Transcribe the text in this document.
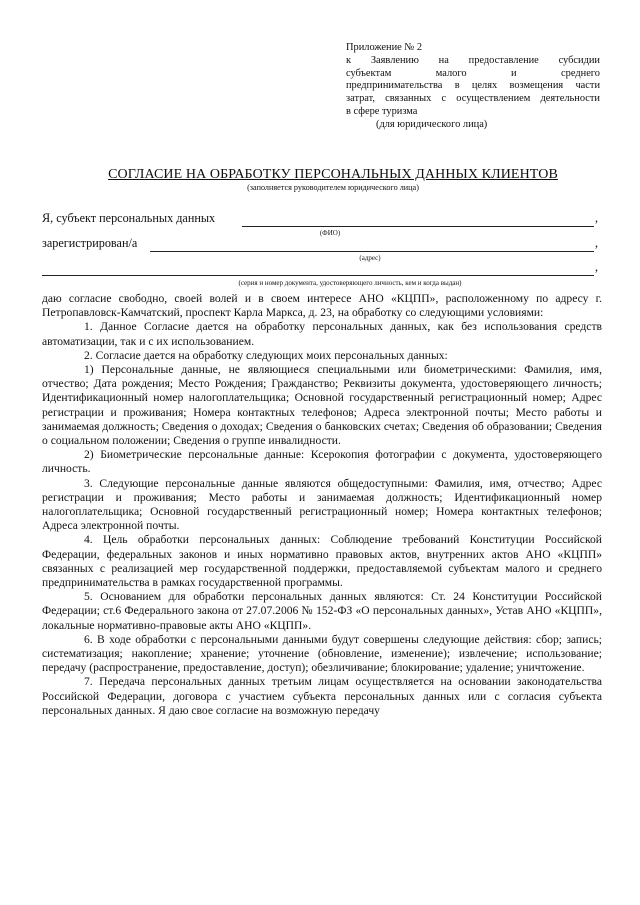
Приложение № 2
к Заявлению на предоставление субсидии
субъектам малого и среднего
предпринимательства в целях возмещения части
затрат, связанных с осуществлением деятельности
в сфере туризма
(для юридического лица)
СОГЛАСИЕ НА ОБРАБОТКУ ПЕРСОНАЛЬНЫХ ДАННЫХ КЛИЕНТОВ
(заполняется руководителем юридического лица)
Я, субъект персональных данных	,
(ФИО)
зарегистрирован/а	,
(адрес)
,
(серия и номер документа, удостоверяющего личность, кем и когда выдан)

даю согласие свободно, своей волей и в своем интересе АНО «КЦПП», расположенному по адресу г. Петропавловск-Камчатский, проспект Карла Маркса, д. 23, на обработку со следующими условиями:

1. Данное Согласие дается на обработку персональных данных, как без использования средств автоматизации, так и с их использованием.

2. Согласие дается на обработку следующих моих персональных данных:

1) Персональные данные, не являющиеся специальными или биометрическими: Фамилия, имя, отчество; Дата рождения; Место Рождения; Гражданство; Реквизиты документа, удостоверяющего личность; Идентификационный номер налогоплательщика; Основной государственный регистрационный номер; Адрес регистрации и проживания; Номера контактных телефонов; Адреса электронной почты; Место работы и занимаемая должность; Сведения о доходах; Сведения о банковских счетах; Сведения об образовании; Сведения о социальном положении; Сведения о группе инвалидности.

2) Биометрические персональные данные: Ксерокопия фотографии с документа, удостоверяющего личность.

3. Следующие персональные данные являются общедоступными: Фамилия, имя, отчество; Адрес регистрации и проживания; Место работы и занимаемая должность; Идентификационный номер налогоплательщика; Основной государственный регистрационный номер; Номера контактных телефонов; Адреса электронной почты.

4. Цель обработки персональных данных: Соблюдение требований Конституции Российской Федерации, федеральных законов и иных нормативно правовых актов, внутренних актов АНО «КЦПП» связанных с реализацией мер государственной поддержки, предоставляемой субъектам малого и среднего предпринимательства в рамках государственной программы.

5. Основанием для обработки персональных данных являются: Ст. 24 Конституции Российской Федерации; ст.6 Федерального закона от 27.07.2006 № 152-ФЗ «О персональных данных», Устав АНО «КЦПП», локальные нормативно-правовые акты АНО «КЦПП».

6. В ходе обработки с персональными данными будут совершены следующие действия: сбор; запись; систематизация; накопление; хранение; уточнение (обновление, изменение); извлечение; использование; передачу (распространение, предоставление, доступ); обезличивание; блокирование; удаление; уничтожение.

7. Передача персональных данных третьим лицам осуществляется на основании законодательства Российской Федерации, договора с участием субъекта персональных данных или с согласия субъекта персональных данных. Я даю свое согласие на возможную передачу
